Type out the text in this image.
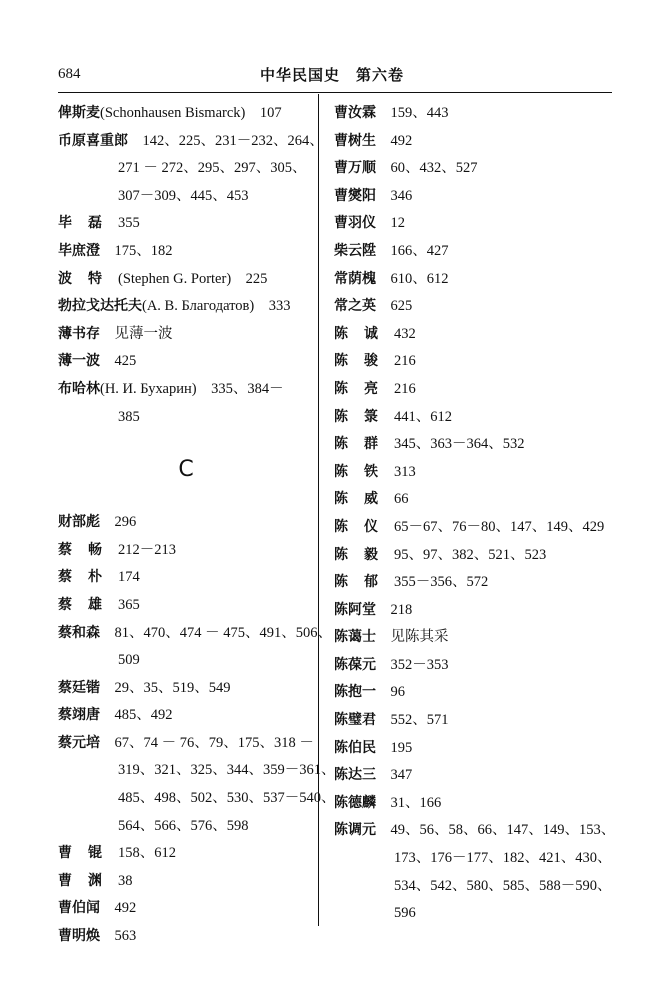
684	中华民国史　第六卷
俾斯麦(Schonhausen Bismarck)　107
币原喜重郎　142、225、231－232、264、
271 － 272、295、297、305、
307－309、445、453
毕磊355
毕庶澄　175、182
波特(Stephen G. Porter)　225
勃拉戈达托夫(A. B. Благодатов)　333
薄书存　见薄一波
薄一波　425
布哈林(Н. И. Бухарин)　335、384－
385
C
财部彪　296
蔡畅212－213
蔡朴174
蔡雄365
蔡和森　81、470、474 － 475、491、506、
509
蔡廷锴　29、35、519、549
蔡翊唐　485、492
蔡元培　67、74 － 76、79、175、318 －
319、321、325、344、359－361、
485、498、502、530、537－540、
564、566、576、598
曹锟158、612
曹渊38
曹伯闻　492
曹明焕　563
曹汝霖　159、443
曹树生　492
曹万顺　60、432、527
曹爕阳　346
曹羽仪　12
柴云陞　166、427
常荫槐　610、612
常之英　625
陈诚432
陈骏216
陈亮216
陈箓441、612
陈群345、363－364、532
陈铁313
陈威66
陈仪65－67、76－80、147、149、429
陈毅95、97、382、521、523
陈郁355－356、572
陈阿堂　218
陈蔼士　见陈其采
陈葆元　352－353
陈抱一　96
陈璧君　552、571
陈伯民　195
陈达三　347
陈德麟　31、166
陈调元　49、56、58、66、147、149、153、
173、176－177、182、421、430、
534、542、580、585、588－590、
596
